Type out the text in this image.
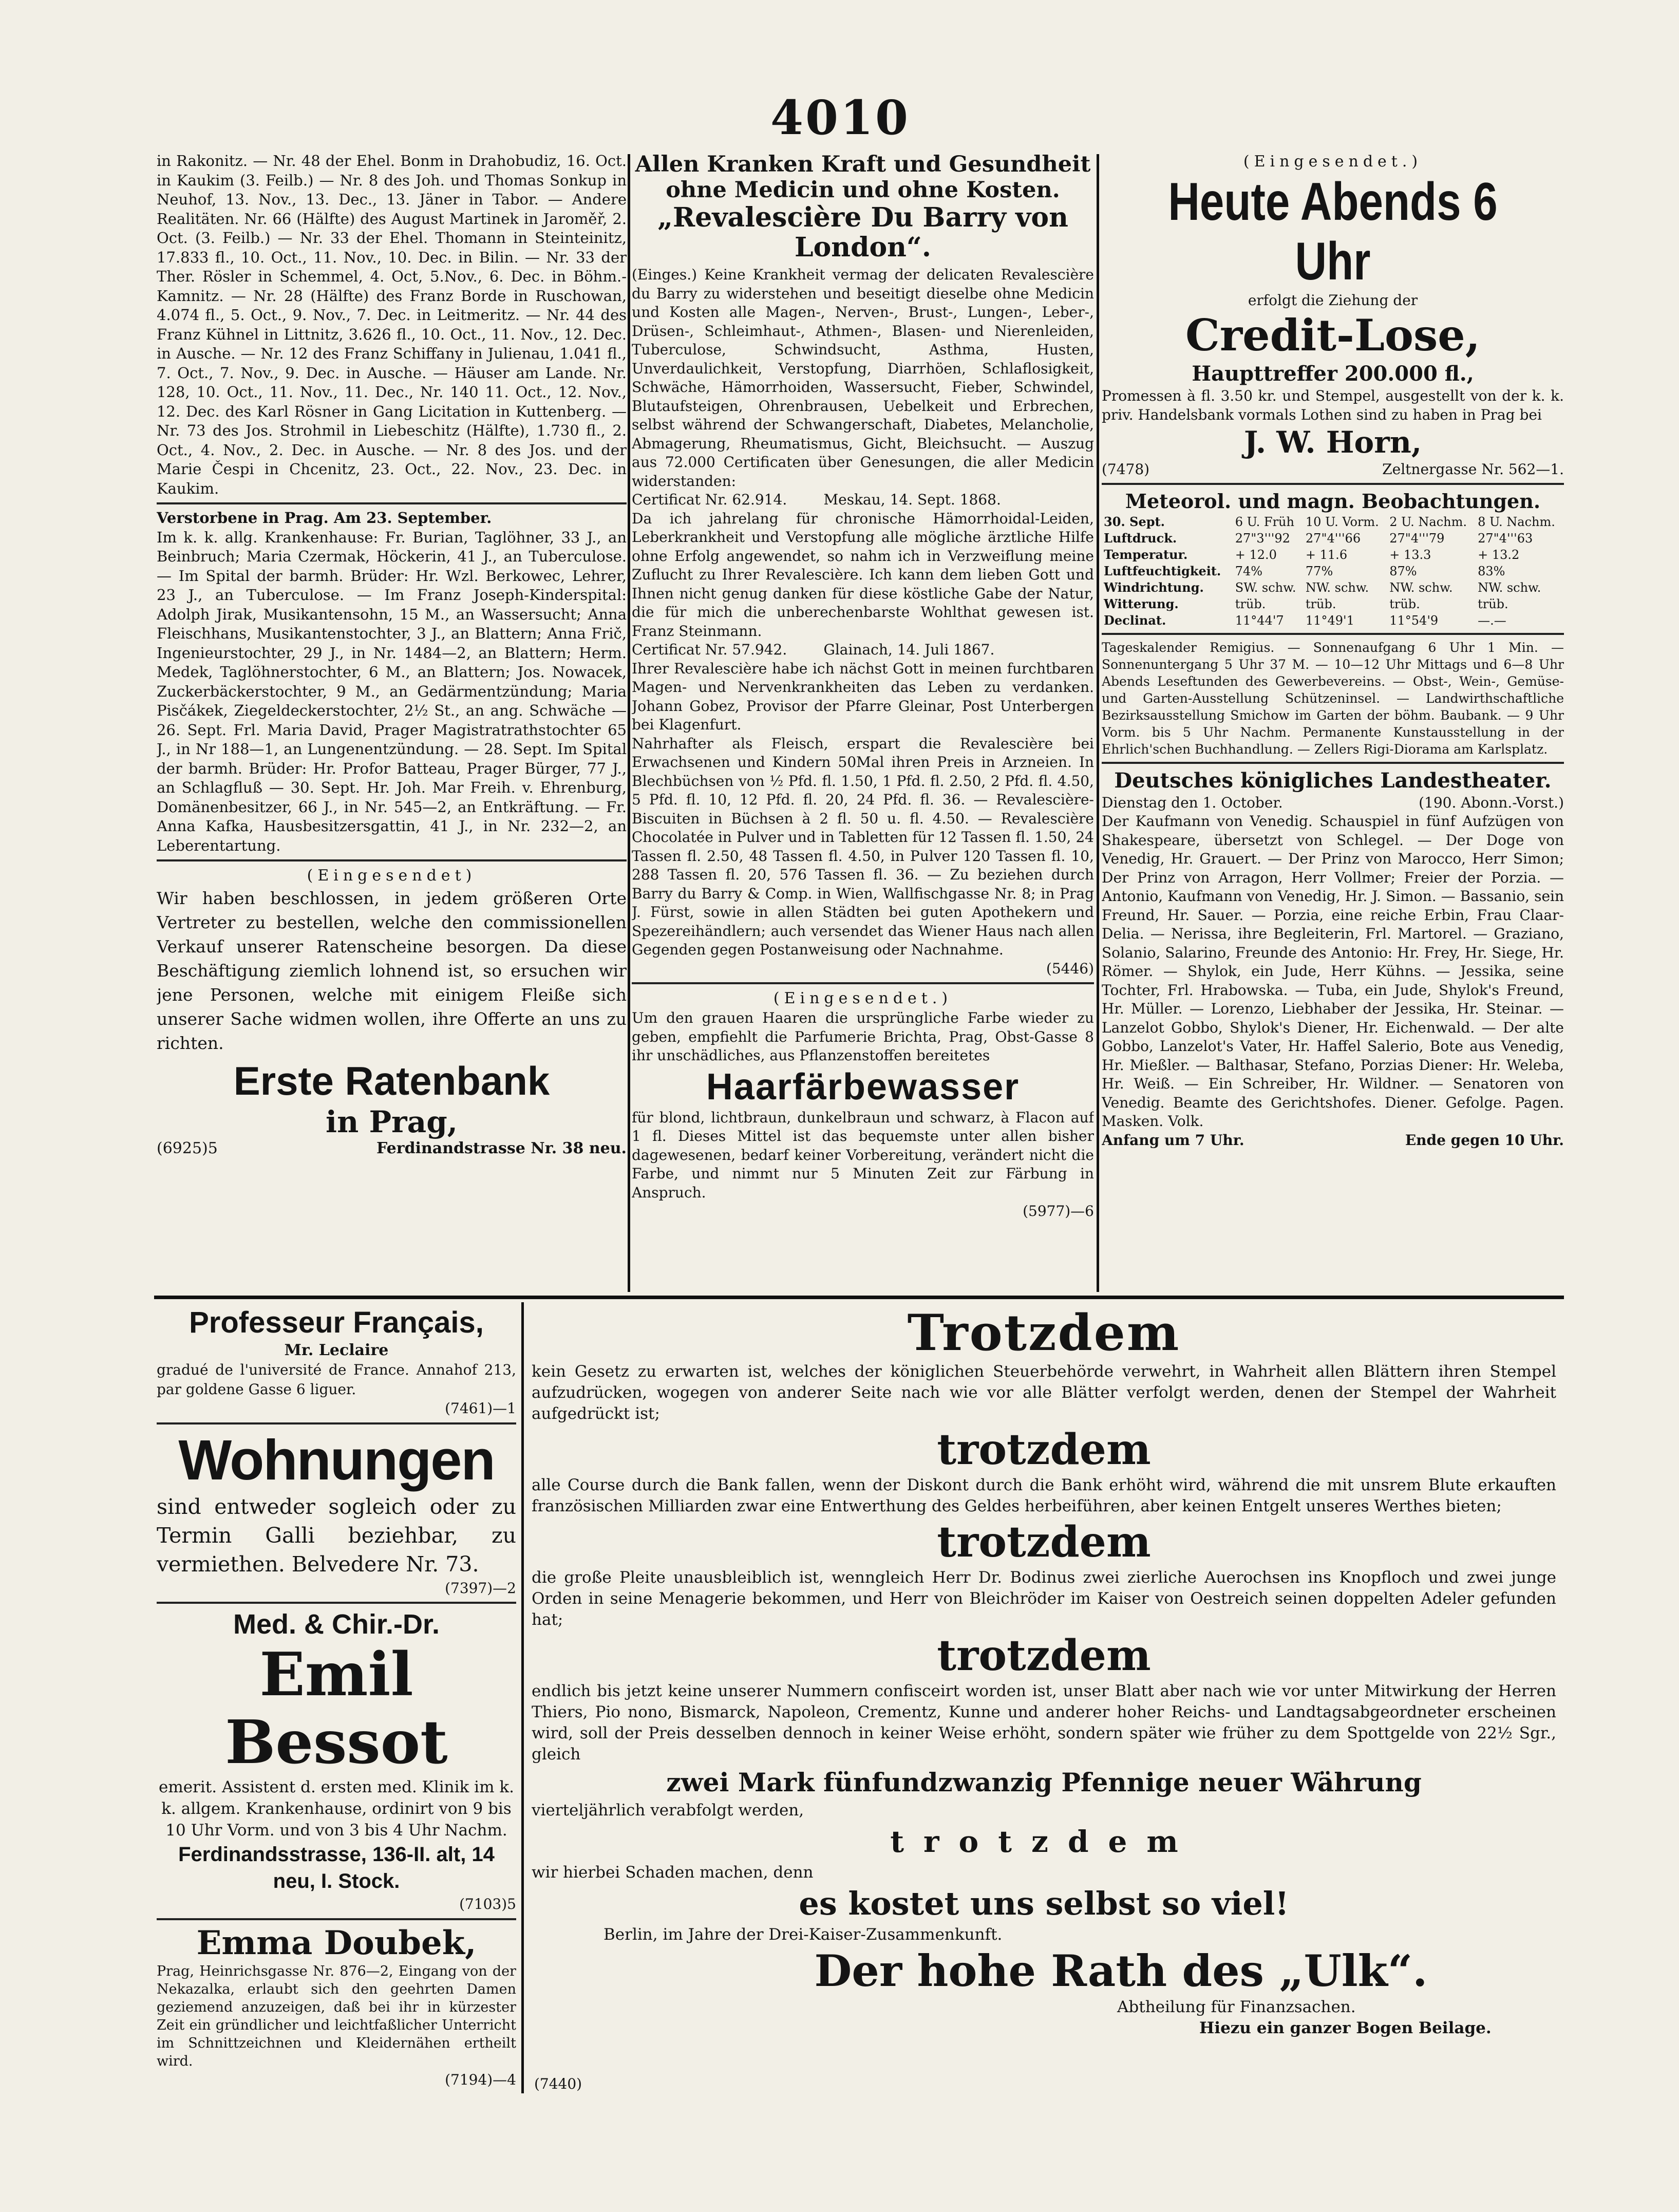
4010

in Rakonitz. — Nr. 48 der Ehel. Bonm in Drahobudiz, 16. Oct. in Kaukim (3. Feilb.) — Nr. 8 des Joh. und Thomas Sonkup in Neuhof, 13. Nov., 13. Dec., 13. Jäner in Tabor. — Andere Realitäten. Nr. 66 (Hälfte) des August Martinek in Jaroměř, 2. Oct. (3. Feilb.) — Nr. 33 der Ehel. Thomann in Steinteinitz, 17.833 fl., 10. Oct., 11. Nov., 10. Dec. in Bilin. — Nr. 33 der Ther. Rösler in Schemmel, 4. Oct, 5.Nov., 6. Dec. in Böhm.-Kamnitz. — Nr. 28 (Hälfte) des Franz Borde in Ruschowan, 4.074 fl., 5. Oct., 9. Nov., 7. Dec. in Leitmeritz. — Nr. 44 des Franz Kühnel in Littnitz, 3.626 fl., 10. Oct., 11. Nov., 12. Dec. in Ausche. — Nr. 12 des Franz Schiffany in Julienau, 1.041 fl., 7. Oct., 7. Nov., 9. Dec. in Ausche. — Häuser am Lande. Nr. 128, 10. Oct., 11. Nov., 11. Dec., Nr. 140 11. Oct., 12. Nov., 12. Dec. des Karl Rösner in Gang Licitation in Kuttenberg. — Nr. 73 des Jos. Strohmil in Liebeschitz (Hälfte), 1.730 fl., 2. Oct., 4. Nov., 2. Dec. in Ausche. — Nr. 8 des Jos. und der Marie Čespi in Chcenitz, 23. Oct., 22. Nov., 23. Dec. in Kaukim.

Verstorbene in Prag. Am 23. September.

Im k. k. allg. Krankenhause: Fr. Burian, Taglöhner, 33 J., an Beinbruch; Maria Czermak, Höckerin, 41 J., an Tuberculose. — Im Spital der barmh. Brüder: Hr. Wzl. Berkowec, Lehrer, 23 J., an Tuberculose. — Im Franz Joseph-Kinderspital: Adolph Jirak, Musikantensohn, 15 M., an Wassersucht; Anna Fleischhans, Musikantenstochter, 3 J., an Blattern; Anna Frič, Ingenieurstochter, 29 J., in Nr. 1484—2, an Blattern; Herm. Medek, Taglöhnerstochter, 6 M., an Blattern; Jos. Nowacek, Zuckerbäckerstochter, 9 M., an Gedärmentzündung; Maria Pisčákek, Ziegeldeckerstochter, 2½ St., an ang. Schwäche — 26. Sept. Frl. Maria David, Prager Magistratrathstochter 65 J., in Nr 188—1, an Lungenentzündung. — 28. Sept. Im Spital der barmh. Brüder: Hr. Profor Batteau, Prager Bürger, 77 J., an Schlagfluß — 30. Sept. Hr. Joh. Mar Freih. v. Ehrenburg, Domänenbesitzer, 66 J., in Nr. 545—2, an Entkräftung. — Fr. Anna Kafka, Hausbesitzersgattin, 41 J., in Nr. 232—2, an Leberentartung.

(Eingesendet)

Wir haben beschlossen, in jedem größeren Orte Vertreter zu bestellen, welche den commissionellen Verkauf unserer Ratenscheine besorgen. Da diese Beschäftigung ziemlich lohnend ist, so ersuchen wir jene Personen, welche mit einigem Fleiße sich unserer Sache widmen wollen, ihre Offerte an uns zu richten.

Erste Ratenbank

in Prag,

(6925)5	Ferdinandstrasse Nr. 38 neu.

Allen Kranken Kraft und Gesundheit ohne Medicin und ohne Kosten.

„Revalescière Du Barry von London“.

(Einges.) Keine Krankheit vermag der delicaten Revalescière du Barry zu widerstehen und beseitigt dieselbe ohne Medicin und Kosten alle Magen-, Nerven-, Brust-, Lungen-, Leber-, Drüsen-, Schleimhaut-, Athmen-, Blasen- und Nierenleiden, Tuberculose, Schwindsucht, Asthma, Husten, Unverdaulichkeit, Verstopfung, Diarrhöen, Schlaflosigkeit, Schwäche, Hämorrhoiden, Wassersucht, Fieber, Schwindel, Blutaufsteigen, Ohrenbrausen, Uebelkeit und Erbrechen, selbst während der Schwangerschaft, Diabetes, Melancholie, Abmagerung, Rheumatismus, Gicht, Bleichsucht. — Auszug aus 72.000 Certificaten über Genesungen, die aller Medicin widerstanden:

Certificat Nr. 62.914.        Meskau, 14. Sept. 1868.

Da ich jahrelang für chronische Hämorrhoidal-Leiden, Leberkrankheit und Verstopfung alle mögliche ärztliche Hilfe ohne Erfolg angewendet, so nahm ich in Verzweiflung meine Zuflucht zu Ihrer Revalescière. Ich kann dem lieben Gott und Ihnen nicht genug danken für diese köstliche Gabe der Natur, die für mich die unberechenbarste Wohlthat gewesen ist. Franz Steinmann.

Certificat Nr. 57.942.        Glainach, 14. Juli 1867.

Ihrer Revalescière habe ich nächst Gott in meinen furchtbaren Magen- und Nervenkrankheiten das Leben zu verdanken. Johann Gobez, Provisor der Pfarre Gleinar, Post Unterbergen bei Klagenfurt.

Nahrhafter als Fleisch, erspart die Revalescière bei Erwachsenen und Kindern 50Mal ihren Preis in Arzneien. In Blechbüchsen von ½ Pfd. fl. 1.50, 1 Pfd. fl. 2.50, 2 Pfd. fl. 4.50, 5 Pfd. fl. 10, 12 Pfd. fl. 20, 24 Pfd. fl. 36. — Revalescière-Biscuiten in Büchsen à 2 fl. 50 u. fl. 4.50. — Revalescière Chocolatée in Pulver und in Tabletten für 12 Tassen fl. 1.50, 24 Tassen fl. 2.50, 48 Tassen fl. 4.50, in Pulver 120 Tassen fl. 10, 288 Tassen fl. 20, 576 Tassen fl. 36. — Zu beziehen durch Barry du Barry & Comp. in Wien, Wallfischgasse Nr. 8; in Prag J. Fürst, sowie in allen Städten bei guten Apothekern und Spezereihändlern; auch versendet das Wiener Haus nach allen Gegenden gegen Postanweisung oder Nachnahme.

(5446)

(Eingesendet.)

Um den grauen Haaren die ursprüngliche Farbe wieder zu geben, empfiehlt die Parfumerie Brichta, Prag, Obst-Gasse 8 ihr unschädliches, aus Pflanzenstoffen bereitetes

Haarfärbewasser

für blond, lichtbraun, dunkelbraun und schwarz, à Flacon auf 1 fl. Dieses Mittel ist das bequemste unter allen bisher dagewesenen, bedarf keiner Vorbereitung, verändert nicht die Farbe, und nimmt nur 5 Minuten Zeit zur Färbung in Anspruch.

(5977)—6

(Eingesendet.)

Heute Abends 6 Uhr

erfolgt die Ziehung der

Credit-Lose,

Haupttreffer 200.000 fl.,

Promessen à fl. 3.50 kr. und Stempel, ausgestellt von der k. k. priv. Handelsbank vormals Lothen sind zu haben in Prag bei

J. W. Horn,

(7478)	Zeltnergasse Nr. 562—1.

Meteorol. und magn. Beobachtungen.

30. Sept.	6 U. Früh	10 U. Vorm.	2 U. Nachm.	8 U. Nachm.
Luftdruck.	27"3'''92	27"4'''66	27"4'''79	27"4'''63
Temperatur.	+ 12.0	+ 11.6	+ 13.3	+ 13.2
Luftfeuchtigkeit.	74%	77%	87%	83%
Windrichtung.	SW. schw.	NW. schw.	NW. schw.	NW. schw.
Witterung.	trüb.	trüb.	trüb.	trüb.
Declinat.	11°44'7	11°49'1	11°54'9	—.—

Tageskalender Remigius. — Sonnenaufgang 6 Uhr 1 Min. — Sonnenuntergang 5 Uhr 37 M. — 10—12 Uhr Mittags und 6—8 Uhr Abends Leseftunden des Gewerbevereins. — Obst-, Wein-, Gemüse- und Garten-Ausstellung Schützeninsel. — Landwirthschaftliche Bezirksausstellung Smichow im Garten der böhm. Baubank. — 9 Uhr Vorm. bis 5 Uhr Nachm. Permanente Kunstausstellung in der Ehrlich'schen Buchhandlung. — Zellers Rigi-Diorama am Karlsplatz.

Deutsches königliches Landestheater.

Dienstag den 1. October.	(190. Abonn.-Vorst.)

Der Kaufmann von Venedig. Schauspiel in fünf Aufzügen von Shakespeare, übersetzt von Schlegel. — Der Doge von Venedig, Hr. Grauert. — Der Prinz von Marocco, Herr Simon; Der Prinz von Arragon, Herr Vollmer; Freier der Porzia. — Antonio, Kaufmann von Venedig, Hr. J. Simon. — Bassanio, sein Freund, Hr. Sauer. — Porzia, eine reiche Erbin, Frau Claar-Delia. — Nerissa, ihre Begleiterin, Frl. Martorel. — Graziano, Solanio, Salarino, Freunde des Antonio: Hr. Frey, Hr. Siege, Hr. Römer. — Shylok, ein Jude, Herr Kühns. — Jessika, seine Tochter, Frl. Hrabowska. — Tuba, ein Jude, Shylok's Freund, Hr. Müller. — Lorenzo, Liebhaber der Jessika, Hr. Steinar. — Lanzelot Gobbo, Shylok's Diener, Hr. Eichenwald. — Der alte Gobbo, Lanzelot's Vater, Hr. Haffel Salerio, Bote aus Venedig, Hr. Mießler. — Balthasar, Stefano, Porzias Diener: Hr. Weleba, Hr. Weiß. — Ein Schreiber, Hr. Wildner. — Senatoren von Venedig. Beamte des Gerichtshofes. Diener. Gefolge. Pagen. Masken. Volk.

Anfang um 7 Uhr.	Ende gegen 10 Uhr.

Professeur Français,

Mr. Leclaire

gradué de l'université de France. Annahof 213, par goldene Gasse 6 liguer.

(7461)—1

Wohnungen

sind entweder sogleich oder zu Termin Galli beziehbar, zu vermiethen. Belvedere Nr. 73.

(7397)—2

Med. & Chir.-Dr.

Emil Bessot

emerit. Assistent d. ersten med. Klinik im k. k. allgem. Krankenhause, ordinirt von 9 bis 10 Uhr Vorm. und von 3 bis 4 Uhr Nachm.

Ferdinandsstrasse, 136-II. alt, 14 neu, I. Stock.

(7103)5

Emma Doubek,

Prag, Heinrichsgasse Nr. 876—2, Eingang von der Nekazalka, erlaubt sich den geehrten Damen geziemend anzuzeigen, daß bei ihr in kürzester Zeit ein gründlicher und leichtfaßlicher Unterricht im Schnittzeichnen und Kleidernähen ertheilt wird.

(7194)—4

Trotzdem

kein Gesetz zu erwarten ist, welches der königlichen Steuerbehörde verwehrt, in Wahrheit allen Blättern ihren Stempel aufzudrücken, wogegen von anderer Seite nach wie vor alle Blätter verfolgt werden, denen der Stempel der Wahrheit aufgedrückt ist;

trotzdem

alle Course durch die Bank fallen, wenn der Diskont durch die Bank erhöht wird, während die mit unsrem Blute erkauften französischen Milliarden zwar eine Entwerthung des Geldes herbeiführen, aber keinen Entgelt unseres Werthes bieten;

trotzdem

die große Pleite unausbleiblich ist, wenngleich Herr Dr. Bodinus zwei zierliche Auerochsen ins Knopfloch und zwei junge Orden in seine Menagerie bekommen, und Herr von Bleichröder im Kaiser von Oestreich seinen doppelten Adeler gefunden hat;

trotzdem

endlich bis jetzt keine unserer Nummern confisceirt worden ist, unser Blatt aber nach wie vor unter Mitwirkung der Herren Thiers, Pio nono, Bismarck, Napoleon, Crementz, Kunne und anderer hoher Reichs- und Landtagsabgeordneter erscheinen wird, soll der Preis desselben dennoch in keiner Weise erhöht, sondern später wie früher zu dem Spottgelde von 22½ Sgr., gleich

zwei Mark fünfundzwanzig Pfennige neuer Währung

vierteljährlich verabfolgt werden,

trotzdem

wir hierbei Schaden machen, denn

es kostet uns selbst so viel!

Berlin, im Jahre der Drei-Kaiser-Zusammenkunft.

Der hohe Rath des „Ulk“.

Abtheilung für Finanzsachen.

Hiezu ein ganzer Bogen Beilage.

(7440)
